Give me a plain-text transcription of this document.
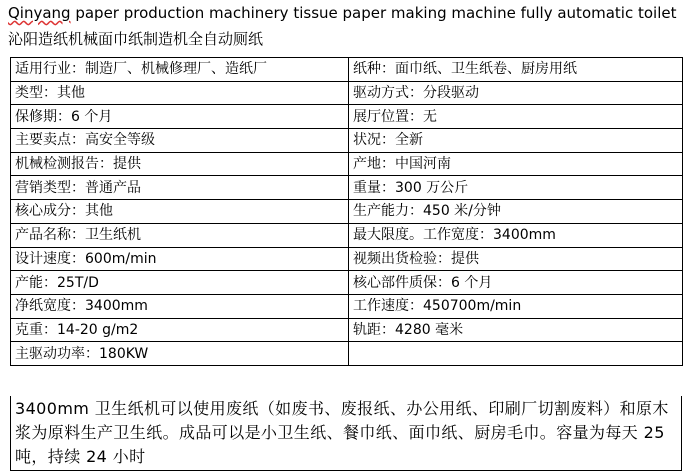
Qinyang paper production machinery tissue paper making machine fully automatic toilet
沁阳造纸机械面巾纸制造机全自动厕纸
适用行业：制造厂、机械修理厂、造纸厂	纸种：面巾纸、卫生纸卷、厨房用纸
类型：其他	驱动方式：分段驱动
保修期：6 个月	展厅位置：无
主要卖点：高安全等级	状况：全新
机械检测报告：提供	产地：中国河南
营销类型：普通产品	重量：300 万公斤
核心成分：其他	生产能力：450 米/分钟
产品名称：卫生纸机	最大限度。工作宽度：3400mm
设计速度：600m/min	视频出货检验：提供
产能：25T/D	核心部件质保：6 个月
净纸宽度：3400mm	工作速度：450700m/min
克重：14-20 g/m2	轨距：4280 毫米
主驱动功率：180KW	
3400mm 卫生纸机可以使用废纸（如废书、废报纸、办公用纸、印刷厂切割废料）和原木浆为原料生产卫生纸。成品可以是小卫生纸、餐巾纸、面巾纸、厨房毛巾。容量为每天 25 吨，持续 24 小时
